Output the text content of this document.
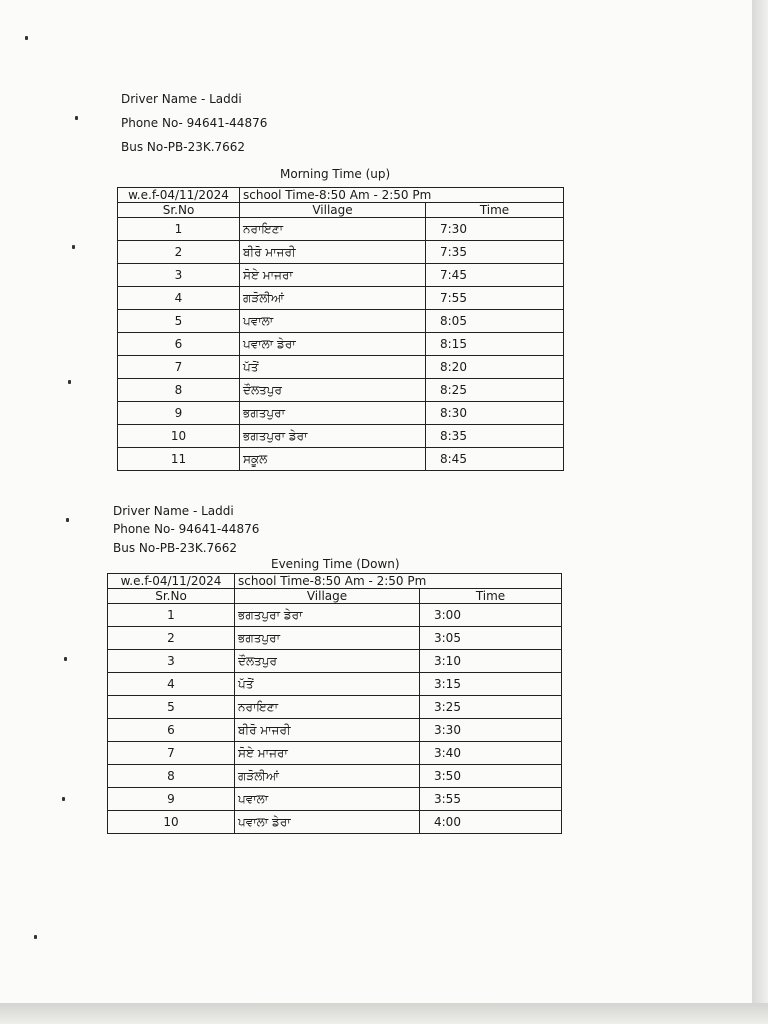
Driver Name - Laddi
Phone No- 94641-44876
Bus No-PB-23K.7662
Morning Time (up)
w.e.f-04/11/2024	school Time-8:50 Am - 2:50 Pm	
Sr.No	Village	Time
1	ਨਰਾਇਣਾ	7:30
2	ਬੀਰੋ ਮਾਜਰੀ	7:35
3	ਸੋਏ ਮਾਜਰਾ	7:45
4	ਗੜੋਲੀਆਂ	7:55
5	ਪਵਾਲਾ	8:05
6	ਪਵਾਲਾ ਡੇਰਾ	8:15
7	ਪੱਤੋਂ	8:20
8	ਦੌਲਤਪੁਰ	8:25
9	ਭਗਤਪੁਰਾ	8:30
10	ਭਗਤਪੁਰਾ ਡੇਰਾ	8:35
11	ਸਕੂਲ	8:45
Driver Name - Laddi
Phone No- 94641-44876
Bus No-PB-23K.7662
Evening Time (Down)
w.e.f-04/11/2024	school Time-8:50 Am - 2:50 Pm	
Sr.No	Village	Time
1	ਭਗਤਪੁਰਾ ਡੇਰਾ	3:00
2	ਭਗਤਪੁਰਾ	3:05
3	ਦੌਲਤਪੁਰ	3:10
4	ਪੱਤੋਂ	3:15
5	ਨਰਾਇਣਾ	3:25
6	ਬੀਰੋ ਮਾਜਰੀ	3:30
7	ਸੋਏ ਮਾਜਰਾ	3:40
8	ਗੜੋਲੀਆਂ	3:50
9	ਪਵਾਲਾ	3:55
10	ਪਵਾਲਾ ਡੇਰਾ	4:00
